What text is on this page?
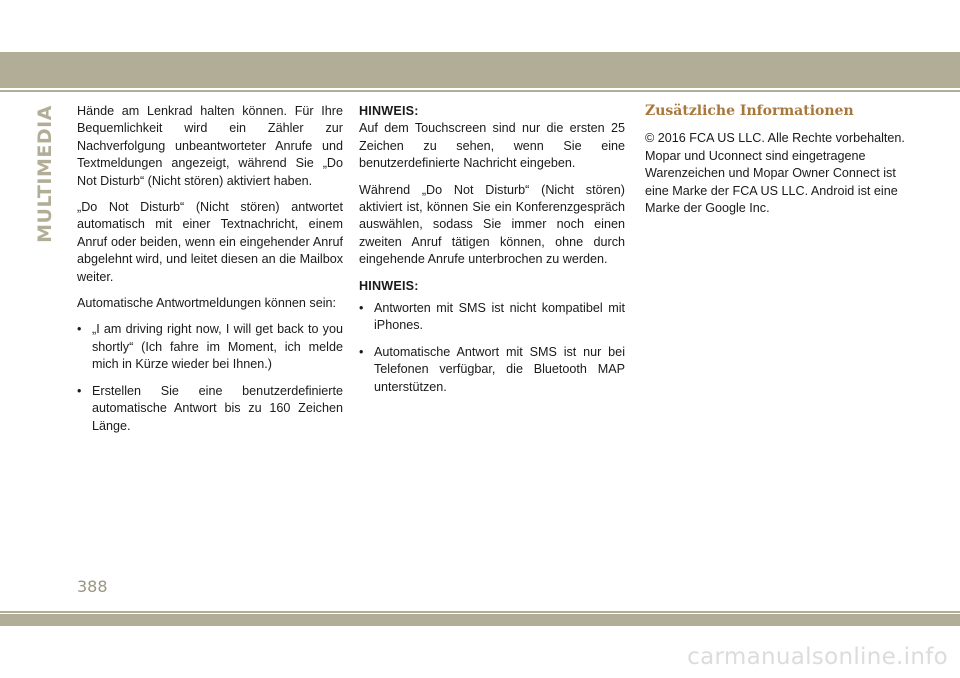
MULTIMEDIA Hände am Lenkrad halten können. Für Ihre Bequemlichkeit wird ein Zähler zur Nachverfolgung unbeantworteter Anrufe und Textmeldungen angezeigt, während Sie „Do Not Disturb“ (Nicht stören) aktiviert haben.

„Do Not Disturb“ (Nicht stören) antwortet automatisch mit einer Textnachricht, einem Anruf oder beiden, wenn ein eingehender Anruf abgelehnt wird, und leitet diesen an die Mailbox weiter.

Automatische Antwortmeldungen können sein:

• „I am driving right now, I will get back to you shortly“ (Ich fahre im Moment, ich melde mich in Kürze wieder bei Ihnen.)
• Erstellen Sie eine benutzerdefinierte automatische Antwort bis zu 160 Zeichen Länge.
HINWEIS:

Auf dem Touchscreen sind nur die ersten 25 Zeichen zu sehen, wenn Sie eine benutzerdefinierte Nachricht eingeben.

Während „Do Not Disturb“ (Nicht stören) aktiviert ist, können Sie ein Konferenzgespräch auswählen, sodass Sie immer noch einen zweiten Anruf tätigen können, ohne durch eingehende Anrufe unterbrochen zu werden.

HINWEIS:
• Antworten mit SMS ist nicht kompatibel mit iPhones.
• Automatische Antwort mit SMS ist nur bei Telefonen verfügbar, die Bluetooth MAP unterstützen.
Zusätzliche Informationen

© 2016 FCA US LLC. Alle Rechte vorbehalten. Mopar und Uconnect sind eingetragene Warenzeichen und Mopar Owner Connect ist eine Marke der FCA US LLC. Android ist eine Marke der Google Inc.

388
carmanualsonline.info
